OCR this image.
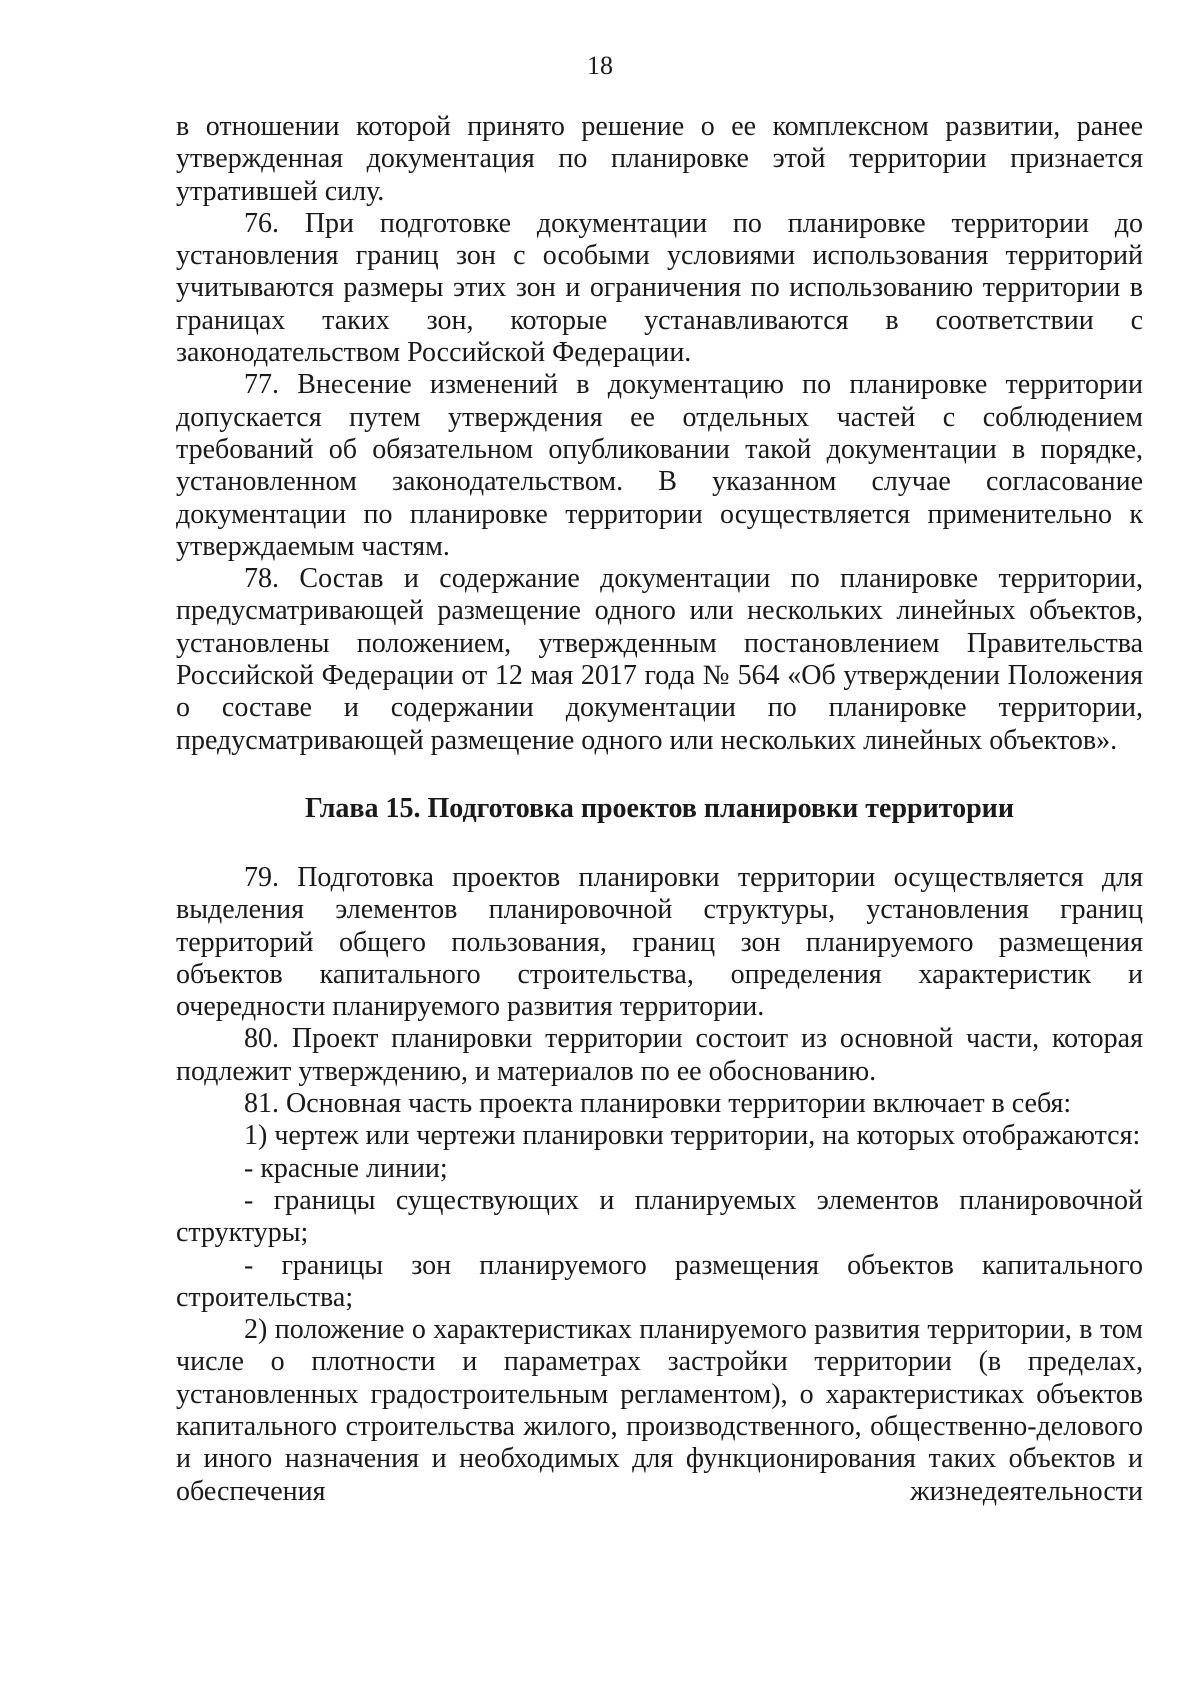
18

в отношении которой принято решение о ее комплексном развитии, ранее утвержденная документация по планировке этой территории признается утратившей силу.

76. При подготовке документации по планировке территории до установления границ зон с особыми условиями использования территорий учитываются размеры этих зон и ограничения по использованию территории в границах таких зон, которые устанавливаются в соответствии с законодательством Российской Федерации.

77. Внесение изменений в документацию по планировке территории допускается путем утверждения ее отдельных частей с соблюдением требований об обязательном опубликовании такой документации в порядке, установленном законодательством. В указанном случае согласование документации по планировке территории осуществляется применительно к утверждаемым частям.

78. Состав и содержание документации по планировке территории, предусматривающей размещение одного или нескольких линейных объектов, установлены положением, утвержденным постановлением Правительства Российской Федерации от 12 мая 2017 года № 564 «Об утверждении Положения о составе и содержании документации по планировке территории, предусматривающей размещение одного или нескольких линейных объектов».

Глава 15. Подготовка проектов планировки территории

79. Подготовка проектов планировки территории осуществляется для выделения элементов планировочной структуры, установления границ территорий общего пользования, границ зон планируемого размещения объектов капитального строительства, определения характеристик и очередности планируемого развития территории.

80. Проект планировки территории состоит из основной части, которая подлежит утверждению, и материалов по ее обоснованию.

81. Основная часть проекта планировки территории включает в себя:

1) чертеж или чертежи планировки территории, на которых отображаются:

- красные линии;

- границы существующих и планируемых элементов планировочной структуры;

- границы зон планируемого размещения объектов капитального строительства;

2) положение о характеристиках планируемого развития территории, в том числе о плотности и параметрах застройки территории (в пределах, установленных градостроительным регламентом), о характеристиках объектов капитального строительства жилого, производственного, общественно-делового и иного назначения и необходимых для функционирования таких объектов и обеспечения жизнедеятельности
